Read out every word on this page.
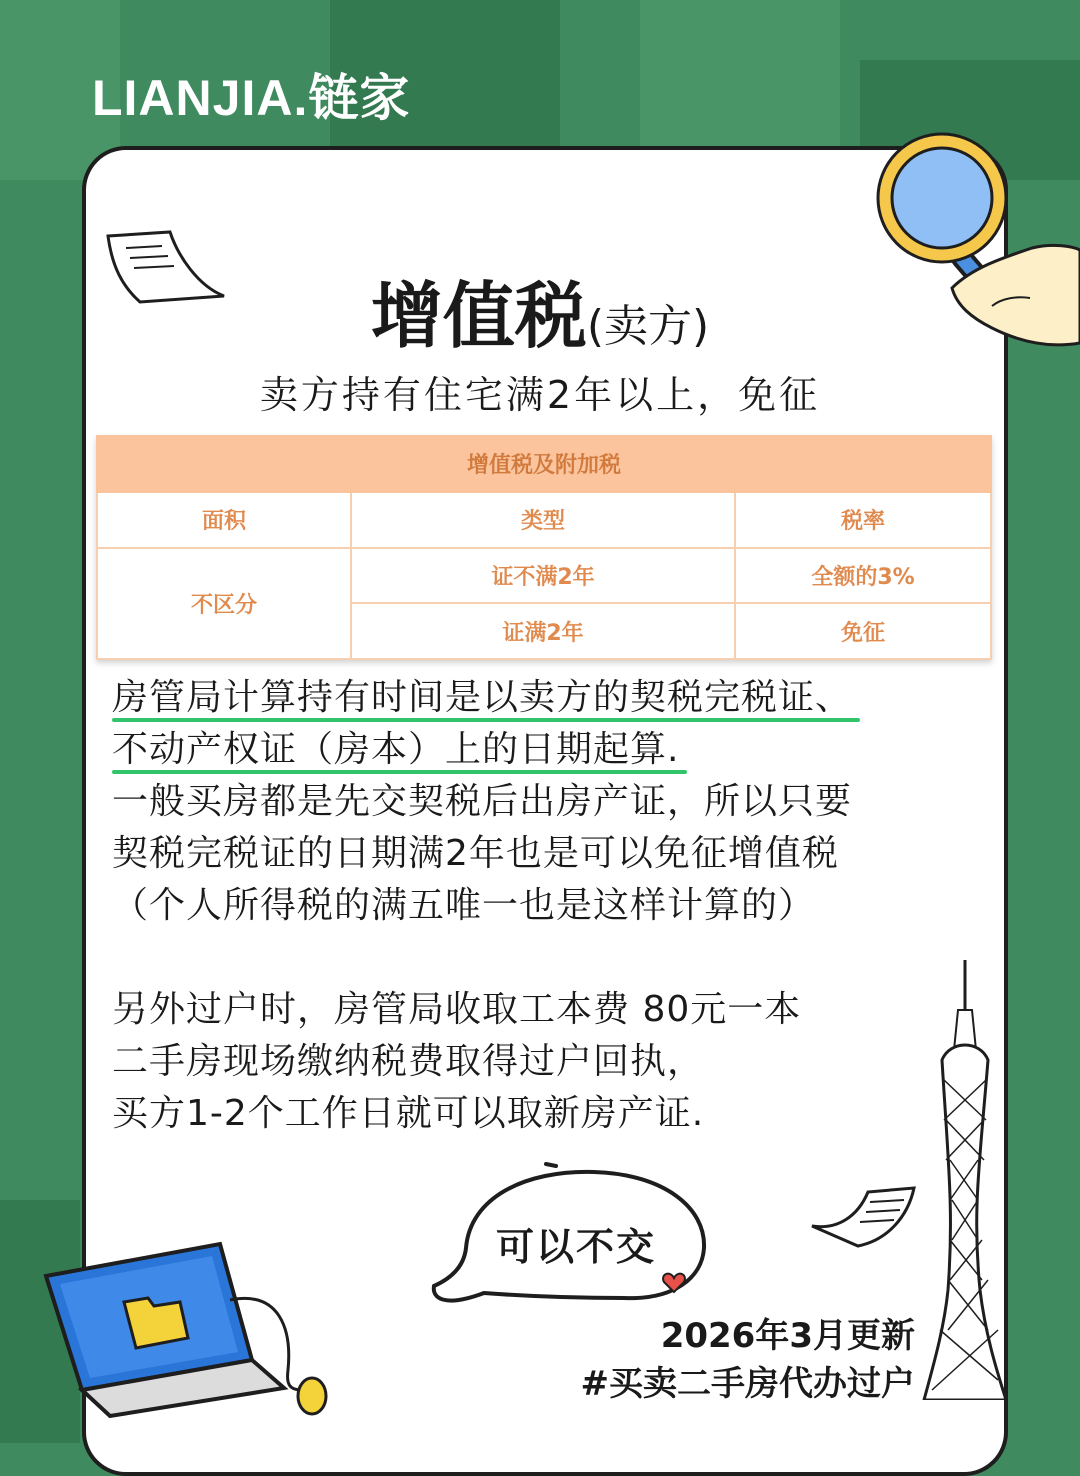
LIANJIA.链家
增值税(卖方)
卖方持有住宅满2年以上，免征
增值税及附加税		
面积	类型	税率
不区分	证不满2年	全额的3%
	证满2年	免征
房管局计算持有时间是以卖方的契税完税证、
不动产权证（房本）上的日期起算.
一般买房都是先交契税后出房产证，所以只要
契税完税证的日期满2年也是可以免征增值税
（个人所得税的满五唯一也是这样计算的）
另外过户时，房管局收取工本费 80元一本
二手房现场缴纳税费取得过户回执，
买方1-2个工作日就可以取新房产证.
可以不交
2026年3月更新
#买卖二手房代办过户
